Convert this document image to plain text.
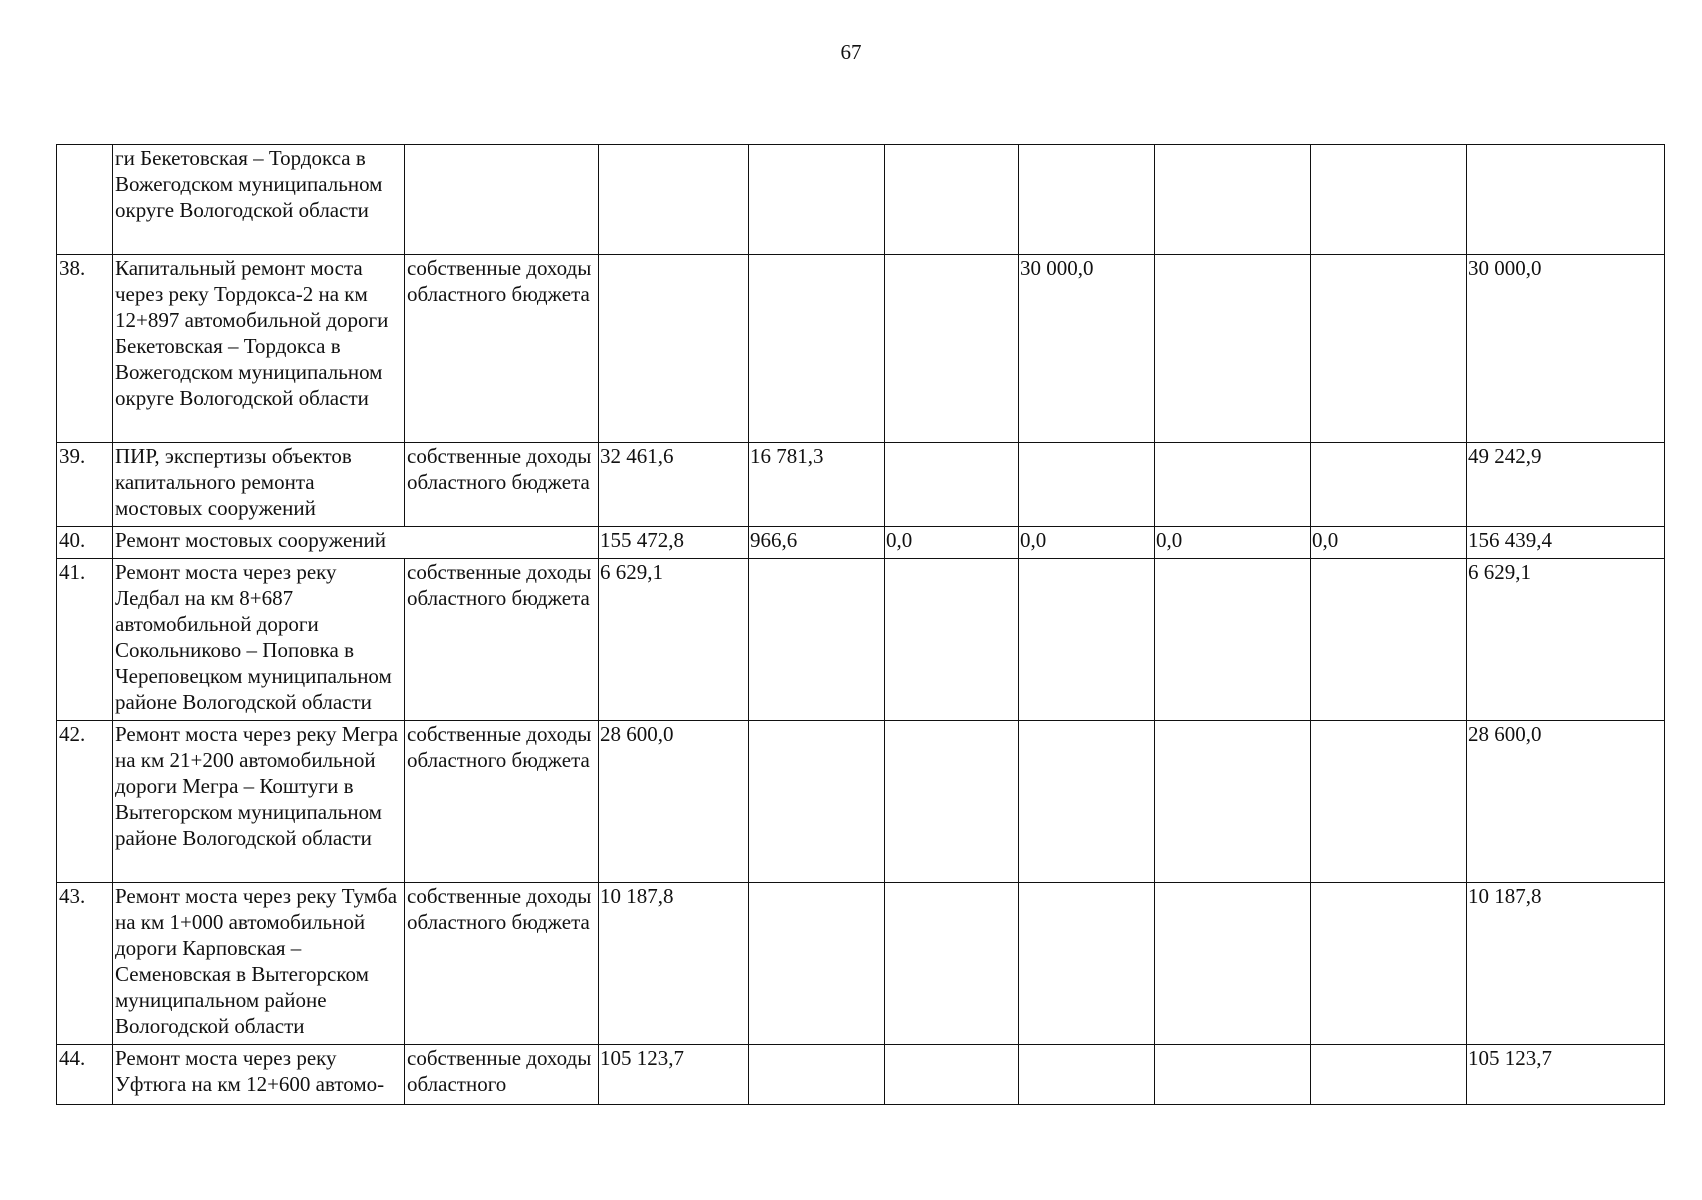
67
	ги Бекетовская – Тордокса в Вожегодском муниципальном округе Вологодской области								
38.	Капитальный ремонт моста через реку Тордокса-2 на км 12+897 автомобильной дороги Бекетовская – Тордокса в Вожегодском муниципальном округе Вологодской области	собственные доходы областного бюджета				30 000,0			30 000,0
39.	ПИР, экспертизы объектов капитального ремонта мостовых сооружений	собственные доходы областного бюджета	32 461,6	16 781,3					49 242,9
40.	Ремонт мостовых сооружений		155 472,8	966,6	0,0	0,0	0,0	0,0	156 439,4
41.	Ремонт моста через реку Ледбал на км 8+687 автомобильной дороги Сокольниково – Поповка в Череповецком муниципальном районе Вологодской области	собственные доходы областного бюджета	6 629,1						6 629,1
42.	Ремонт моста через реку Мегра на км 21+200 автомобильной дороги Мегра – Коштуги в Вытегорском муниципальном районе Вологодской области	собственные доходы областного бюджета	28 600,0						28 600,0
43.	Ремонт моста через реку Тумба на км 1+000 автомобильной дороги Карповская – Семеновская в Вытегорском муниципальном районе Вологодской области	собственные доходы областного бюджета	10 187,8						10 187,8
44.	Ремонт моста через реку Уфтюга на км 12+600 автомо-	собственные доходы областного	105 123,7						105 123,7
